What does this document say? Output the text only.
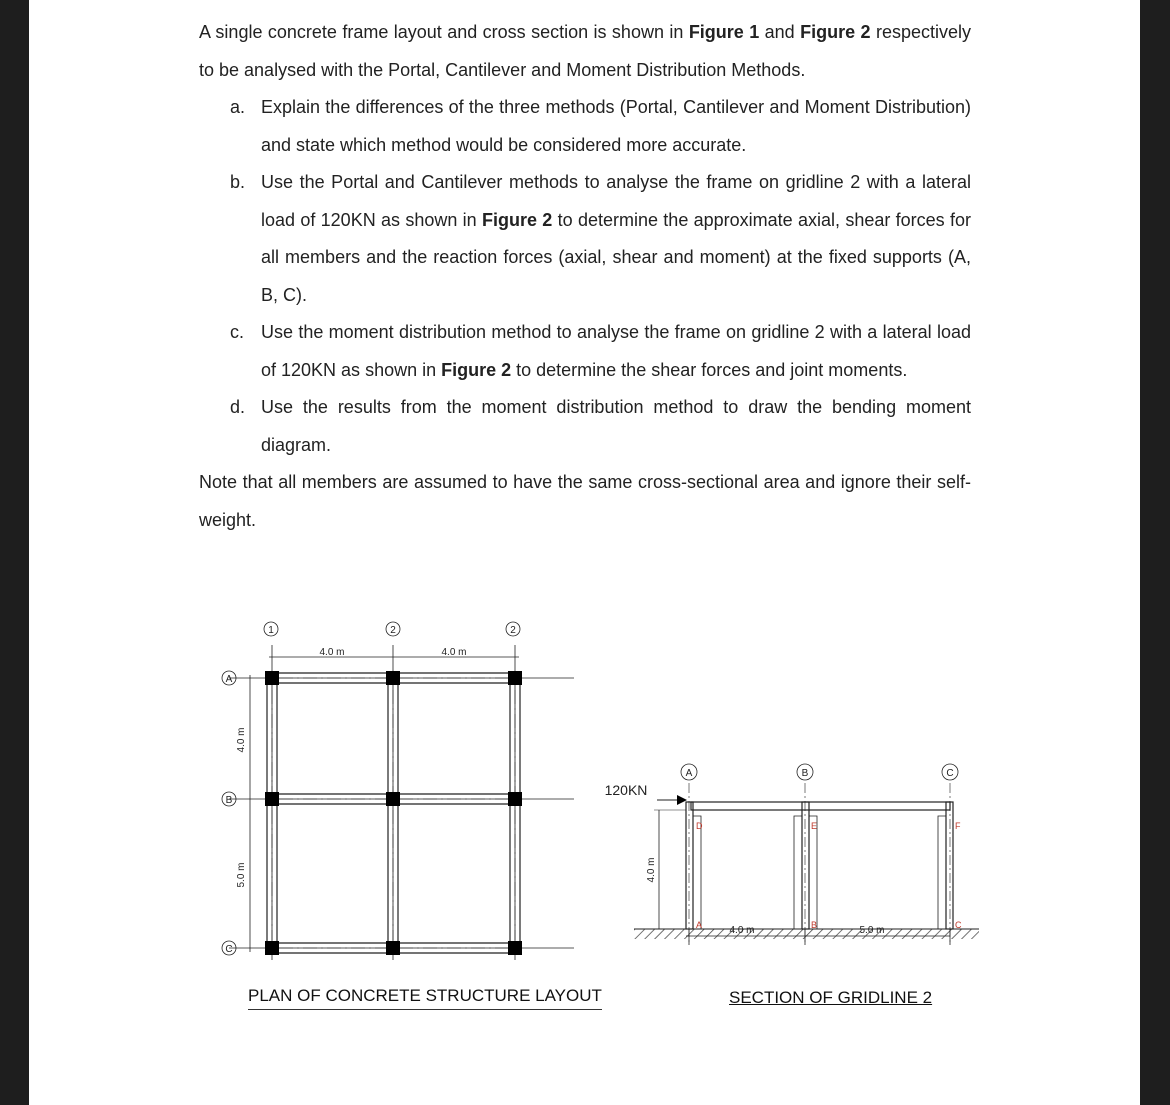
A single concrete frame layout and cross section is shown in Figure 1 and Figure 2 respectively to be analysed with the Portal, Cantilever and Moment Distribution Methods.

a. Explain the differences of the three methods (Portal, Cantilever and Moment Distribution) and state which method would be considered more accurate.
b. Use the Portal and Cantilever methods to analyse the frame on gridline 2 with a lateral load of 120KN as shown in Figure 2 to determine the approximate axial, shear forces for all members and the reaction forces (axial, shear and moment) at the fixed supports (A, B, C).
c. Use the moment distribution method to analyse the frame on gridline 2 with a lateral load of 120KN as shown in Figure 2 to determine the shear forces and joint moments.
d. Use the results from the moment distribution method to draw the bending moment diagram.

Note that all members are assumed to have the same cross-sectional area and ignore their self-weight.

1	2	2
A
B
C
4.0 m	4.0 m
4.0 m
5.0 m
A	B	C
120KN
4.0 m
4.0 m	5.0 m
D	E	F
A	B	C
PLAN OF CONCRETE STRUCTURE LAYOUT	SECTION OF GRIDLINE 2
